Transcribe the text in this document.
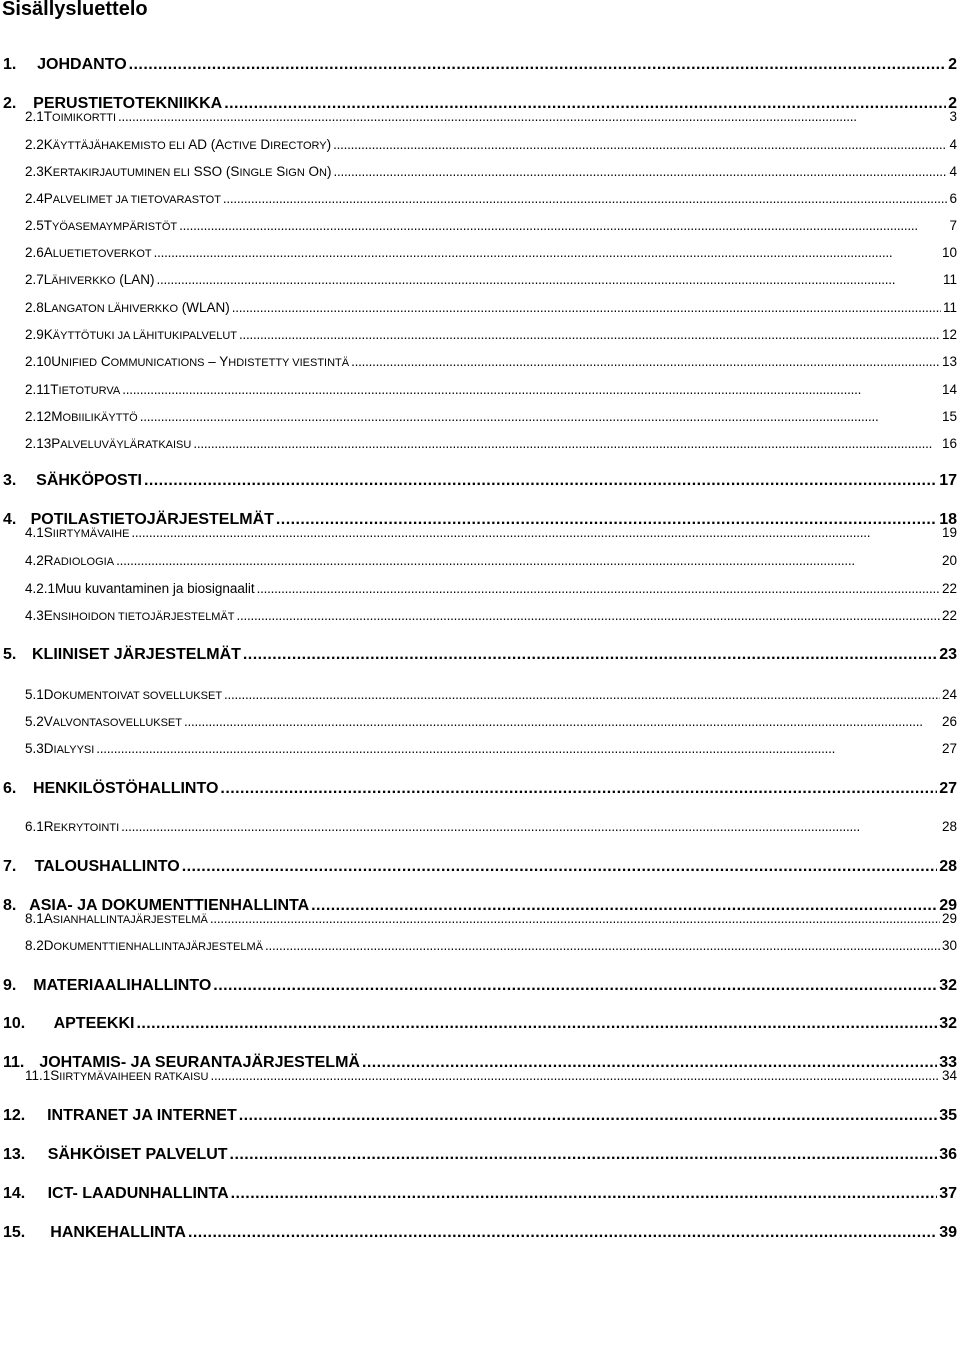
Sisällysluettelo
1.	JOHDANTO . . .	2
2.	PERUSTIETOTEKNIIKKA . . .	2
2.1 TOIMIKORTTI . . .	3
2.2 KÄYTTÄJÄHAKEMISTO ELI AD (ACTIVE DIRECTORY) . . .	4
2.3 KERTAKIRJAUTUMINEN ELI SSO (SINGLE SIGN ON) . . .	4
2.4 PALVELIMET JA TIETOVARASTOT . . .	6
2.5 TYÖASEMAYMPÄRISTÖT . . .	7
2.6 ALUETIETOVERKOT . . .	10
2.7 LÄHIVERKKO (LAN) . . .	11
2.8 LANGATON LÄHIVERKKO (WLAN) . . .	11
2.9 KÄYTTÖTUKI JA LÄHITUKIPALVELUT . . .	12
2.10 UNIFIED COMMUNICATIONS – YHDISTETTY VIESTINTÄ . . .	13
2.11 TIETOTURVA . . .	14
2.12 MOBIILIKÄYTTÖ . . .	15
2.13 PALVELUVÄYLÄRATKAISU . . .	16
3.	SÄHKÖPOSTI . . .	17
4. POTILASTIETOJÄRJESTELMÄT . . .	18
4.1 SIIRTYMÄVAIHE . . .	19
4.2 RADIOLOGIA . . .	20
4.2.1 Muu kuvantaminen ja biosignaalit . . .	22
4.3 ENSIHOIDON TIETOJÄRJESTELMÄT . . .	22
5. KLIINISET JÄRJESTELMÄT . . .	23
5.1 DOKUMENTOIVAT SOVELLUKSET . . .	24
5.2 VALVONTASOVELLUKSET . . .	26
5.3 DIALYYSI . . .	27
6.	HENKILÖSTÖHALLINTO . . .	27
6.1 REKRYTOINTI . . .	28
7.	TALOUSHALLINTO . . .	28
8. ASIA- JA DOKUMENTTIENHALLINTA . . .	29
8.1 ASIANHALLINTAJÄRJESTELMÄ . . .	29
8.2 DOKUMENTTIENHALLINTAJÄRJESTELMÄ . . .	30
9.	MATERIAALIHALLINTO . . .	32
10.	APTEEKKI . . .	32
11. JOHTAMIS- JA SEURANTAJÄRJESTELMÄ . . .	33
11.1 SIIRTYMÄVAIHEEN RATKAISU . . .	34
12.	INTRANET JA INTERNET . . .	35
13.	SÄHKÖISET PALVELUT . . .	36
14.	ICT- LAADUNHALLINTA . . .	37
15.	HANKEHALLINTA . . .	39
